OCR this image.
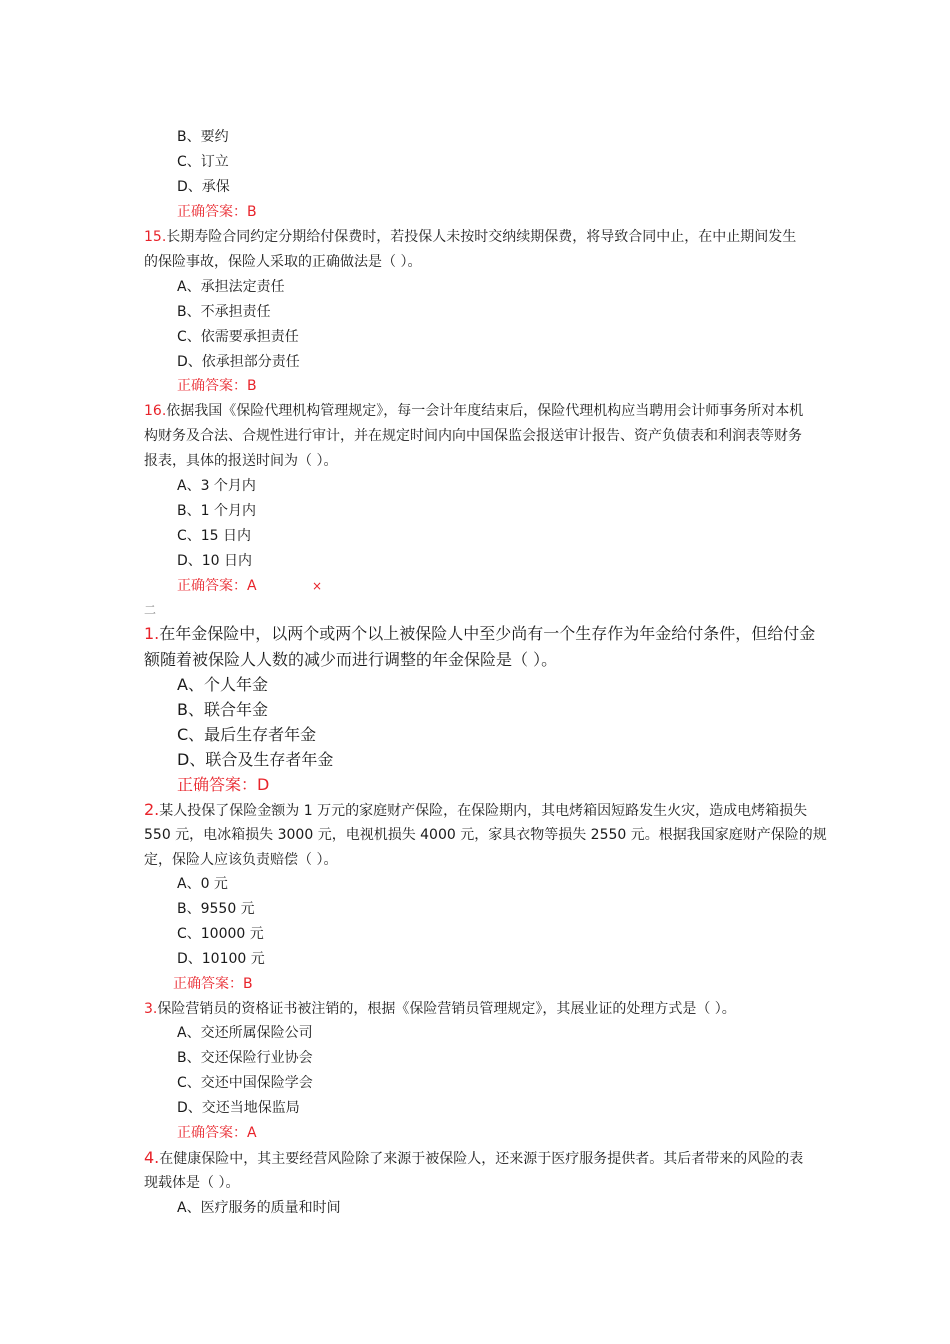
B、要约
C、订立
D、承保
正确答案：B
15.长期寿险合同约定分期给付保费时，若投保人未按时交纳续期保费，将导致合同中止，在中止期间发生
的保险事故，保险人采取的正确做法是（ ）。
A、承担法定责任
B、不承担责任
C、依需要承担责任
D、依承担部分责任
正确答案：B
16.依据我国《保险代理机构管理规定》，每一会计年度结束后，保险代理机构应当聘用会计师事务所对本机
构财务及合法、合规性进行审计，并在规定时间内向中国保监会报送审计报告、资产负债表和利润表等财务
报表，具体的报送时间为（ ）。
A、3 个月内
B、1 个月内
C、15 日内
D、10 日内
正确答案：A	×
二
1.在年金保险中，以两个或两个以上被保险人中至少尚有一个生存作为年金给付条件，但给付金
额随着被保险人人数的减少而进行调整的年金保险是（ ）。
A、个人年金
B、联合年金
C、最后生存者年金
D、联合及生存者年金
正确答案：D
2.某人投保了保险金额为 1 万元的家庭财产保险，在保险期内，其电烤箱因短路发生火灾，造成电烤箱损失
550 元，电冰箱损失 3000 元，电视机损失 4000 元，家具衣物等损失 2550 元。根据我国家庭财产保险的规
定，保险人应该负责赔偿（ ）。
A、0 元
B、9550 元
C、10000 元
D、10100 元
正确答案：B
3.保险营销员的资格证书被注销的，根据《保险营销员管理规定》，其展业证的处理方式是（ ）。
A、交还所属保险公司
B、交还保险行业协会
C、交还中国保险学会
D、交还当地保监局
正确答案：A
4.在健康保险中，其主要经营风险除了来源于被保险人，还来源于医疗服务提供者。其后者带来的风险的表
现载体是（ ）。
A、医疗服务的质量和时间
